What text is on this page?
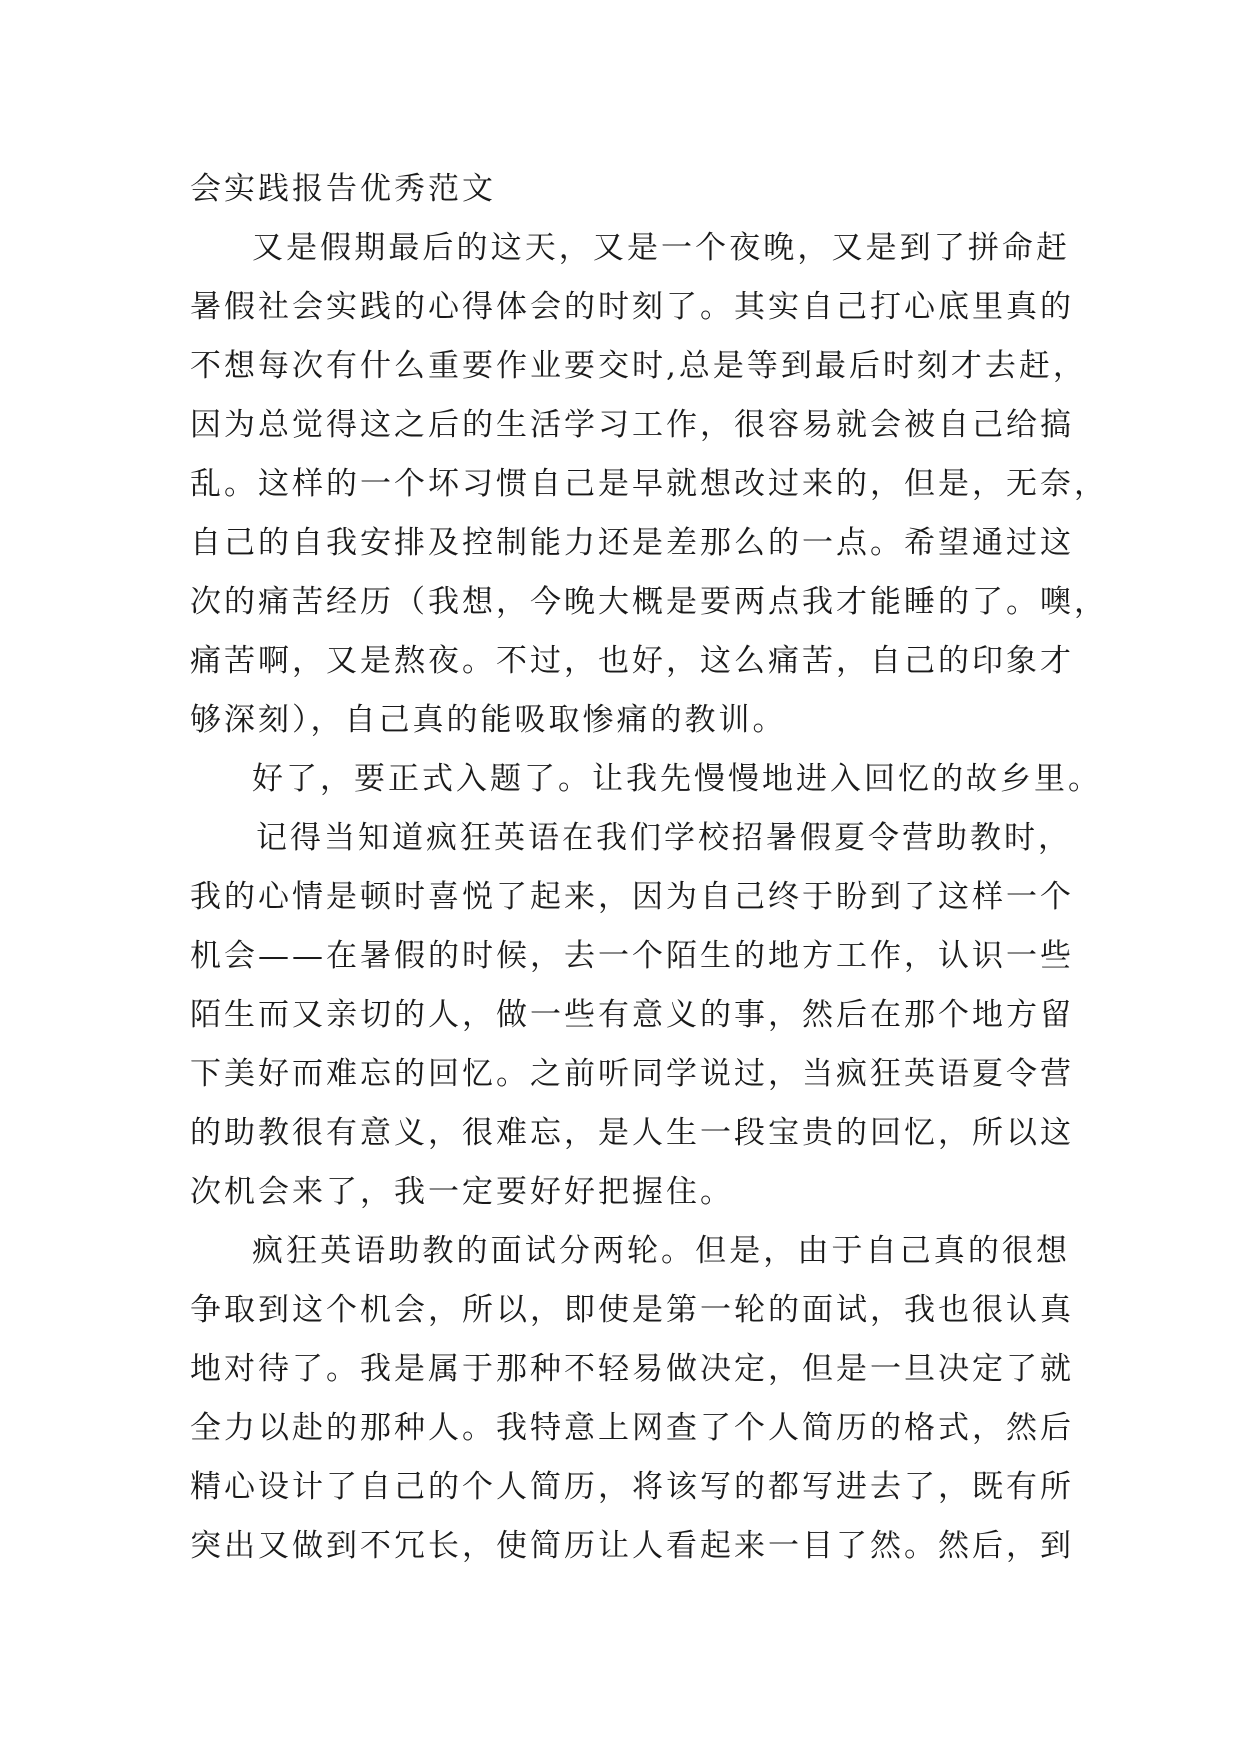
会实践报告优秀范文
又是假期最后的这天，又是一个夜晚，又是到了拼命赶
暑假社会实践的心得体会的时刻了。其实自己打心底里真的
不想每次有什么重要作业要交时,总是等到最后时刻才去赶，
因为总觉得这之后的生活学习工作，很容易就会被自己给搞
乱。这样的一个坏习惯自己是早就想改过来的，但是，无奈，
自己的自我安排及控制能力还是差那么的一点。希望通过这
次的痛苦经历（我想，今晚大概是要两点我才能睡的了。噢，
痛苦啊，又是熬夜。不过，也好，这么痛苦，自己的印象才
够深刻），自己真的能吸取惨痛的教训。
好了，要正式入题了。让我先慢慢地进入回忆的故乡里。
记得当知道疯狂英语在我们学校招暑假夏令营助教时，
我的心情是顿时喜悦了起来，因为自己终于盼到了这样一个
机会——在暑假的时候，去一个陌生的地方工作，认识一些
陌生而又亲切的人，做一些有意义的事，然后在那个地方留
下美好而难忘的回忆。之前听同学说过，当疯狂英语夏令营
的助教很有意义，很难忘，是人生一段宝贵的回忆，所以这
次机会来了，我一定要好好把握住。
疯狂英语助教的面试分两轮。但是，由于自己真的很想
争取到这个机会，所以，即使是第一轮的面试，我也很认真
地对待了。我是属于那种不轻易做决定，但是一旦决定了就
全力以赴的那种人。我特意上网查了个人简历的格式，然后
精心设计了自己的个人简历，将该写的都写进去了，既有所
突出又做到不冗长，使简历让人看起来一目了然。然后，到
